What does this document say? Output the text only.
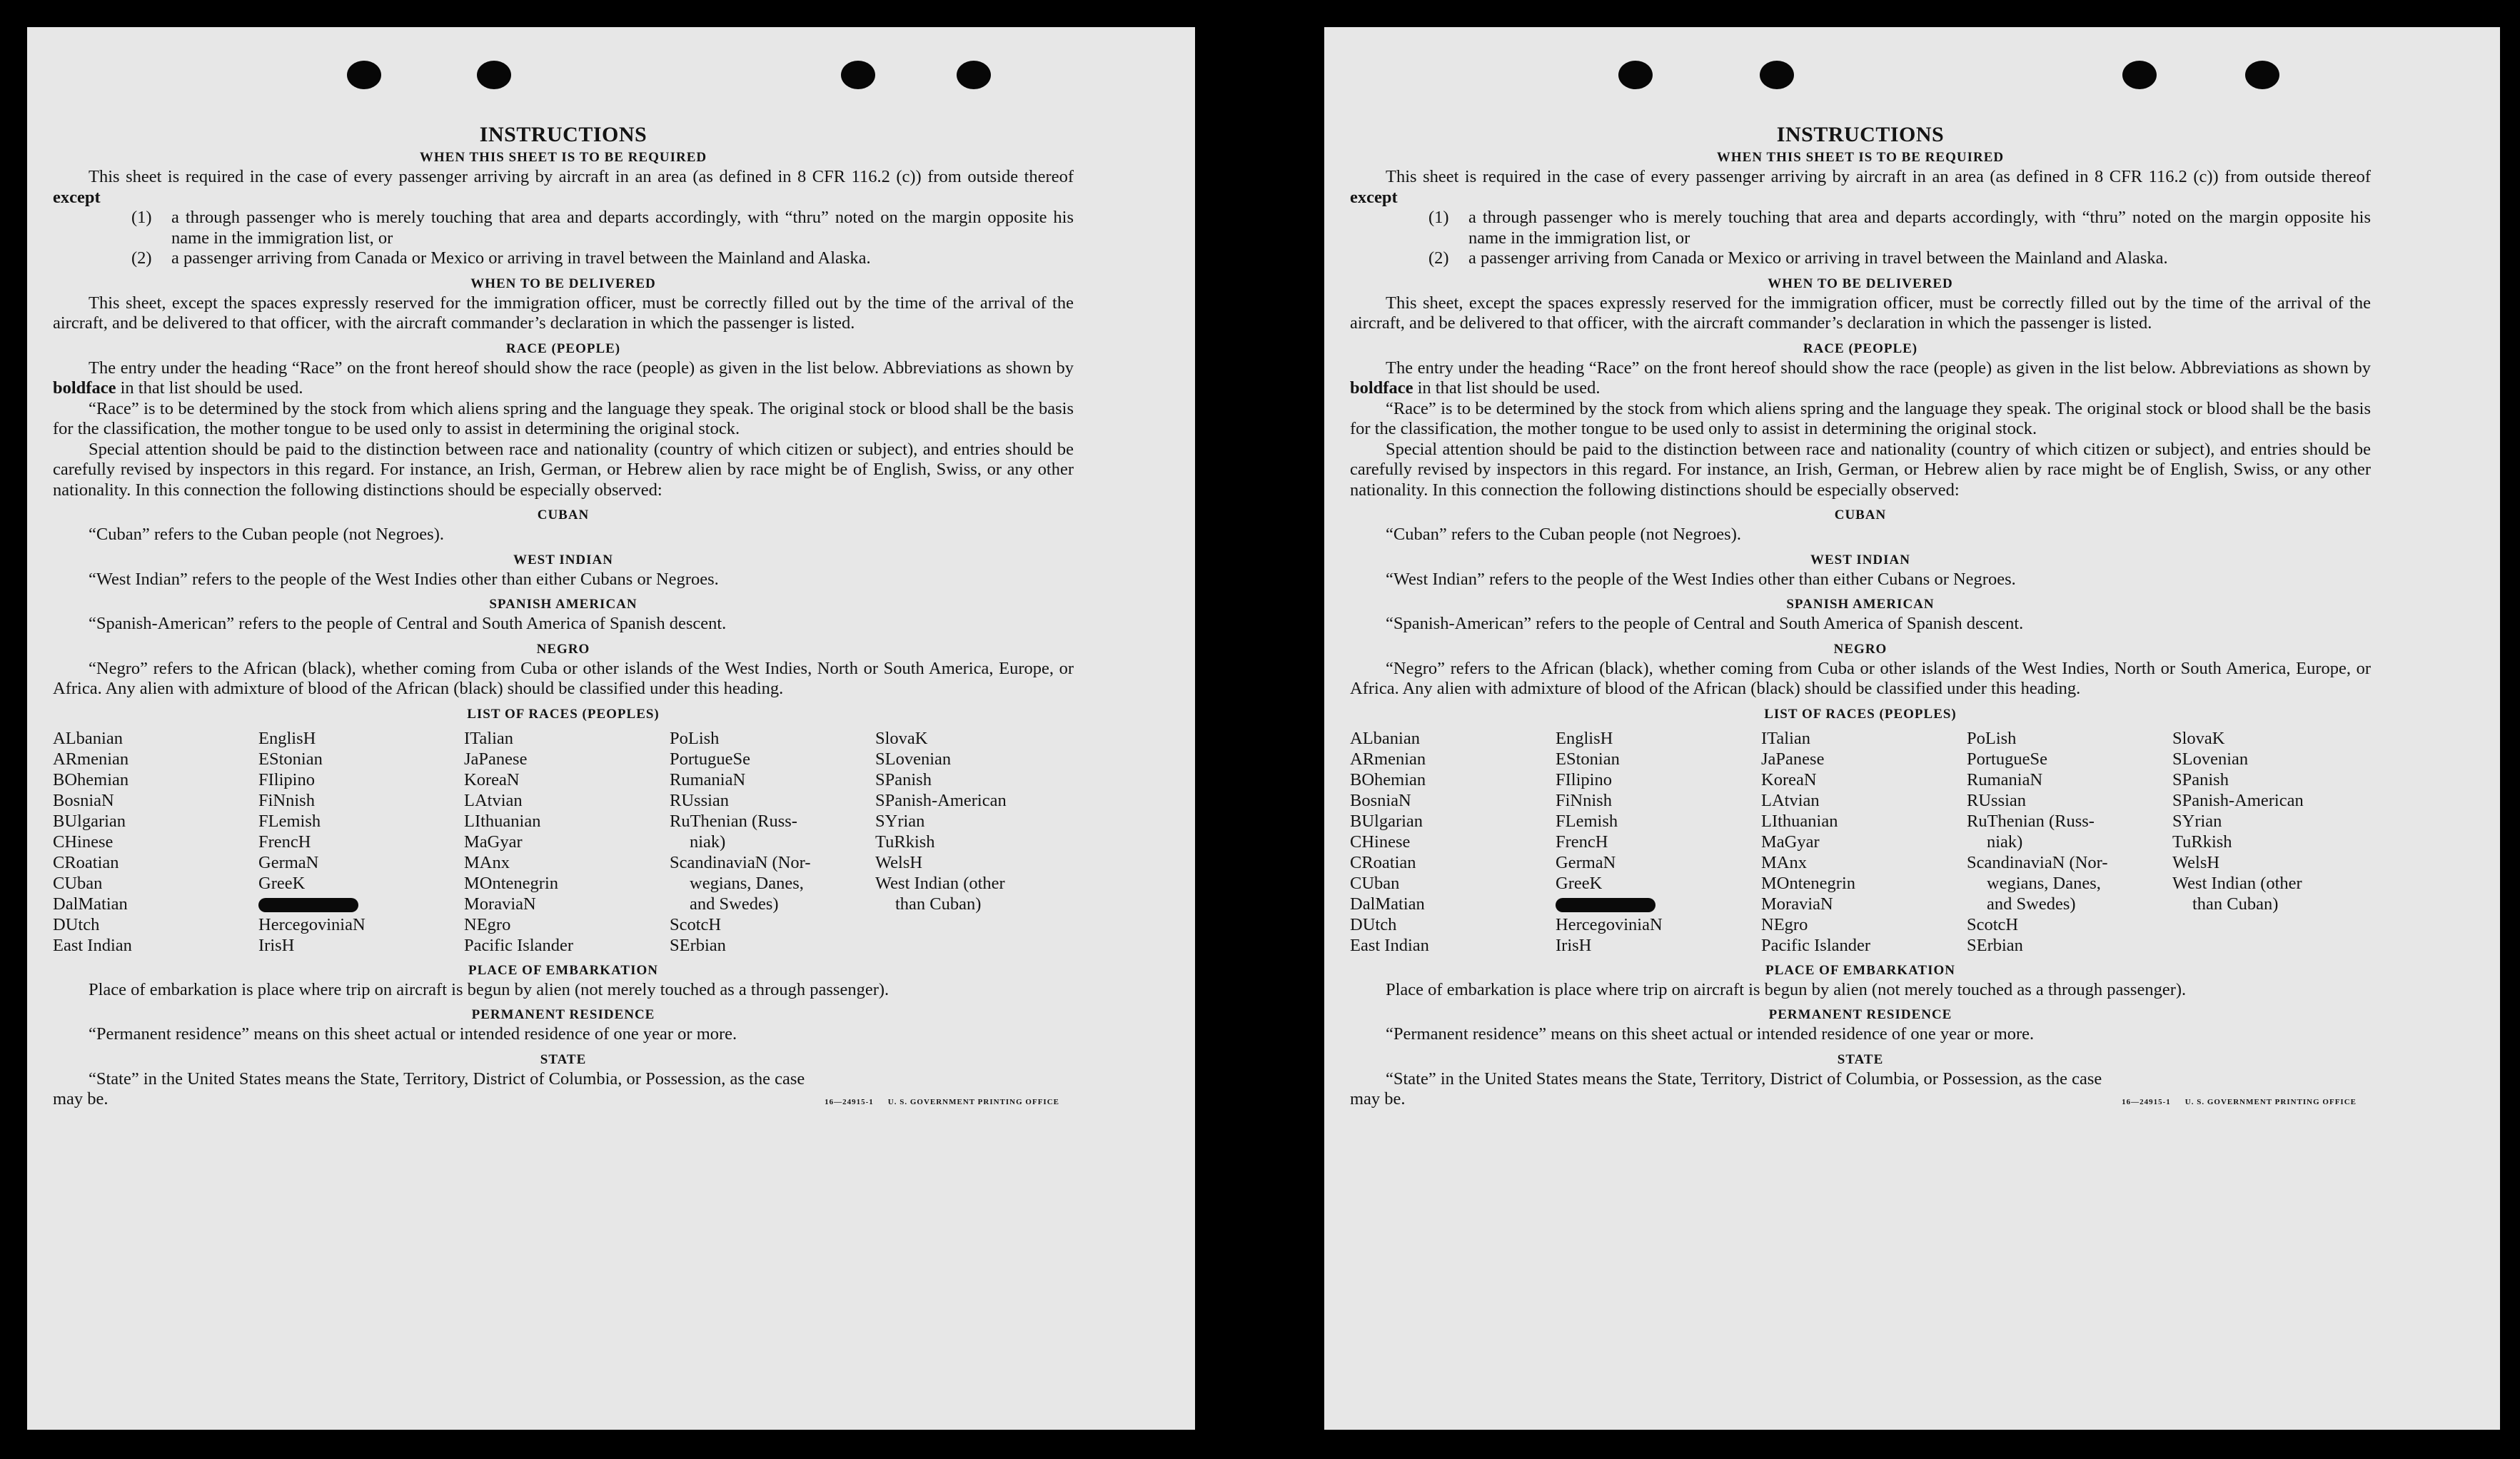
INSTRUCTIONS
WHEN THIS SHEET IS TO BE REQUIRED

This sheet is required in the case of every passenger arriving by aircraft in an area (as defined in 8 CFR 116.2 (c)) from outside thereof except

(1)	a through passenger who is merely touching that area and departs accordingly, with “thru” noted on the margin opposite his name in the immigration list, or
(2)	a passenger arriving from Canada or Mexico or arriving in travel between the Mainland and Alaska.
WHEN TO BE DELIVERED

This sheet, except the spaces expressly reserved for the immigration officer, must be correctly filled out by the time of the arrival of the aircraft, and be delivered to that officer, with the aircraft commander’s declaration in which the passenger is listed.

RACE (PEOPLE)

The entry under the heading “Race” on the front hereof should show the race (people) as given in the list below. Abbreviations as shown by boldface in that list should be used.

“Race” is to be determined by the stock from which aliens spring and the language they speak. The original stock or blood shall be the basis for the classification, the mother tongue to be used only to assist in determining the original stock.

Special attention should be paid to the distinction between race and nationality (country of which citizen or subject), and entries should be carefully revised by inspectors in this regard. For instance, an Irish, German, or Hebrew alien by race might be of English, Swiss, or any other nationality. In this connection the following distinctions should be especially observed:

CUBAN

“Cuban” refers to the Cuban people (not Negroes).

WEST INDIAN

“West Indian” refers to the people of the West Indies other than either Cubans or Negroes.

SPANISH AMERICAN

“Spanish-American” refers to the people of Central and South America of Spanish descent.

NEGRO

“Negro” refers to the African (black), whether coming from Cuba or other islands of the West Indies, North or South America, Europe, or Africa. Any alien with admixture of blood of the African (black) should be classified under this heading.

LIST OF RACES (PEOPLES)
ALbanian
ARmenian
BOhemian
BosniaN
BUlgarian
CHinese
CRoatian
CUban
DalMatian
DUtch
East Indian
EnglisH
EStonian
FIlipino
FiNnish
FLemish
FrencH
GermaN
GreeK
HercegoviniaN
IrisH
ITalian
JaPanese
KoreaN
LAtvian
LIthuanian
MaGyar
MAnx
MOntenegrin
MoraviaN
NEgro
Pacific Islander
PoLish
PortugueSe
RumaniaN
RUssian
RuThenian (Russ-
niak)
ScandinaviaN (Nor-
wegians, Danes,
and Swedes)
ScotcH
SErbian
SlovaK
SLovenian
SPanish
SPanish-American
SYrian
TuRkish
WelsH
West Indian (other
than Cuban)
PLACE OF EMBARKATION

Place of embarkation is place where trip on aircraft is begun by alien (not merely touched as a through passenger).

PERMANENT RESIDENCE

“Permanent residence” means on this sheet actual or intended residence of one year or more.

STATE

“State” in the United States means the State, Territory, District of Columbia, or Possession, as the case

may be.	16—24915-1 U. S. GOVERNMENT PRINTING OFFICE
INSTRUCTIONS
WHEN THIS SHEET IS TO BE REQUIRED

This sheet is required in the case of every passenger arriving by aircraft in an area (as defined in 8 CFR 116.2 (c)) from outside thereof except

(1)	a through passenger who is merely touching that area and departs accordingly, with “thru” noted on the margin opposite his name in the immigration list, or
(2)	a passenger arriving from Canada or Mexico or arriving in travel between the Mainland and Alaska.
WHEN TO BE DELIVERED

This sheet, except the spaces expressly reserved for the immigration officer, must be correctly filled out by the time of the arrival of the aircraft, and be delivered to that officer, with the aircraft commander’s declaration in which the passenger is listed.

RACE (PEOPLE)

The entry under the heading “Race” on the front hereof should show the race (people) as given in the list below. Abbreviations as shown by boldface in that list should be used.

“Race” is to be determined by the stock from which aliens spring and the language they speak. The original stock or blood shall be the basis for the classification, the mother tongue to be used only to assist in determining the original stock.

Special attention should be paid to the distinction between race and nationality (country of which citizen or subject), and entries should be carefully revised by inspectors in this regard. For instance, an Irish, German, or Hebrew alien by race might be of English, Swiss, or any other nationality. In this connection the following distinctions should be especially observed:

CUBAN

“Cuban” refers to the Cuban people (not Negroes).

WEST INDIAN

“West Indian” refers to the people of the West Indies other than either Cubans or Negroes.

SPANISH AMERICAN

“Spanish-American” refers to the people of Central and South America of Spanish descent.

NEGRO

“Negro” refers to the African (black), whether coming from Cuba or other islands of the West Indies, North or South America, Europe, or Africa. Any alien with admixture of blood of the African (black) should be classified under this heading.

LIST OF RACES (PEOPLES)
ALbanian
ARmenian
BOhemian
BosniaN
BUlgarian
CHinese
CRoatian
CUban
DalMatian
DUtch
East Indian
EnglisH
EStonian
FIlipino
FiNnish
FLemish
FrencH
GermaN
GreeK
HercegoviniaN
IrisH
ITalian
JaPanese
KoreaN
LAtvian
LIthuanian
MaGyar
MAnx
MOntenegrin
MoraviaN
NEgro
Pacific Islander
PoLish
PortugueSe
RumaniaN
RUssian
RuThenian (Russ-
niak)
ScandinaviaN (Nor-
wegians, Danes,
and Swedes)
ScotcH
SErbian
SlovaK
SLovenian
SPanish
SPanish-American
SYrian
TuRkish
WelsH
West Indian (other
than Cuban)
PLACE OF EMBARKATION

Place of embarkation is place where trip on aircraft is begun by alien (not merely touched as a through passenger).

PERMANENT RESIDENCE

“Permanent residence” means on this sheet actual or intended residence of one year or more.

STATE

“State” in the United States means the State, Territory, District of Columbia, or Possession, as the case

may be.	16—24915-1 U. S. GOVERNMENT PRINTING OFFICE
